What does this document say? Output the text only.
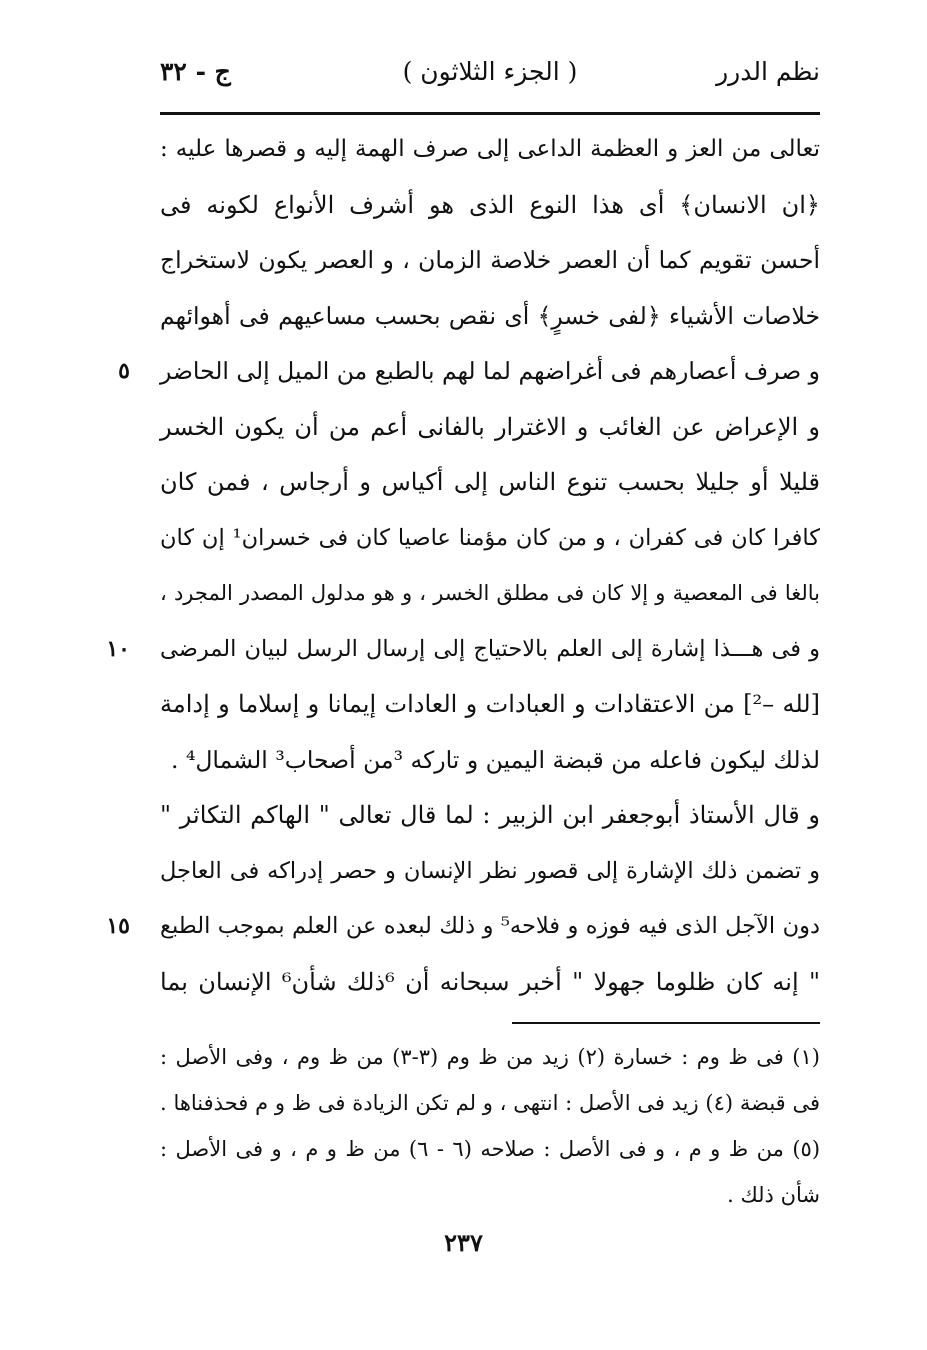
نظم الدرر
( الجزء الثلاثون )
ج - ٣٢
تعالى من العز و العظمة الداعى إلى صرف الهمة إليه و قصرها عليه :
﴿ان الانسان﴾ أى هذا النوع الذى هو أشرف الأنواع لكونه فى
أحسن تقويم كما أن العصر خلاصة الزمان ، و العصر يكون لاستخراج
خلاصات الأشياء ﴿لفى خسرٍ﴾ أى نقص بحسب مساعيهم فى أهوائهم
و صرف أعصارهم فى أغراضهم لما لهم بالطبع من الميل إلى الحاضر
٥
و الإعراض عن الغائب و الاغترار بالفانى أعم من أن يكون الخسر
قليلا أو جليلا بحسب تنوع الناس إلى أكياس و أرجاس ، فمن كان
كافرا كان فى كفران ، و من كان مؤمنا عاصيا كان فى خسران¹ إن كان
بالغا فى المعصية و إلا كان فى مطلق الخسر ، و هو مدلول المصدر المجرد ،
و فى هـــذا إشارة إلى العلم بالاحتياج إلى إرسال الرسل لبيان المرضى
١٠
[لله –²] من الاعتقادات و العبادات و العادات إيمانا و إسلاما و إدامة
لذلك ليكون فاعله من قبضة اليمين و تاركه ³من أصحاب³ الشمال⁴ .
و قال الأستاذ أبوجعفر ابن الزبير : لما قال تعالى " الهاكم التكاثر "
و تضمن ذلك الإشارة إلى قصور نظر الإنسان و حصر إدراكه فى العاجل
دون الآجل الذى فيه فوزه و فلاحه⁵ و ذلك لبعده عن العلم بموجب الطبع
١٥
" إنه كان ظلوما جهولا " أخبر سبحانه أن ⁶ذلك شأن⁶ الإنسان بما
(١) فى ظ وم : خسارة (٢) زيد من ظ وم (٣-٣) من ظ وم ، وفى الأصل :
فى قبضة (٤) زيد فى الأصل : انتهى ، و لم تكن الزيادة فى ظ و م فحذفناها .
(٥) من ظ و م ، و فى الأصل : صلاحه (٦ - ٦) من ظ و م ، و فى الأصل :
شأن ذلك .
٢٣٧
